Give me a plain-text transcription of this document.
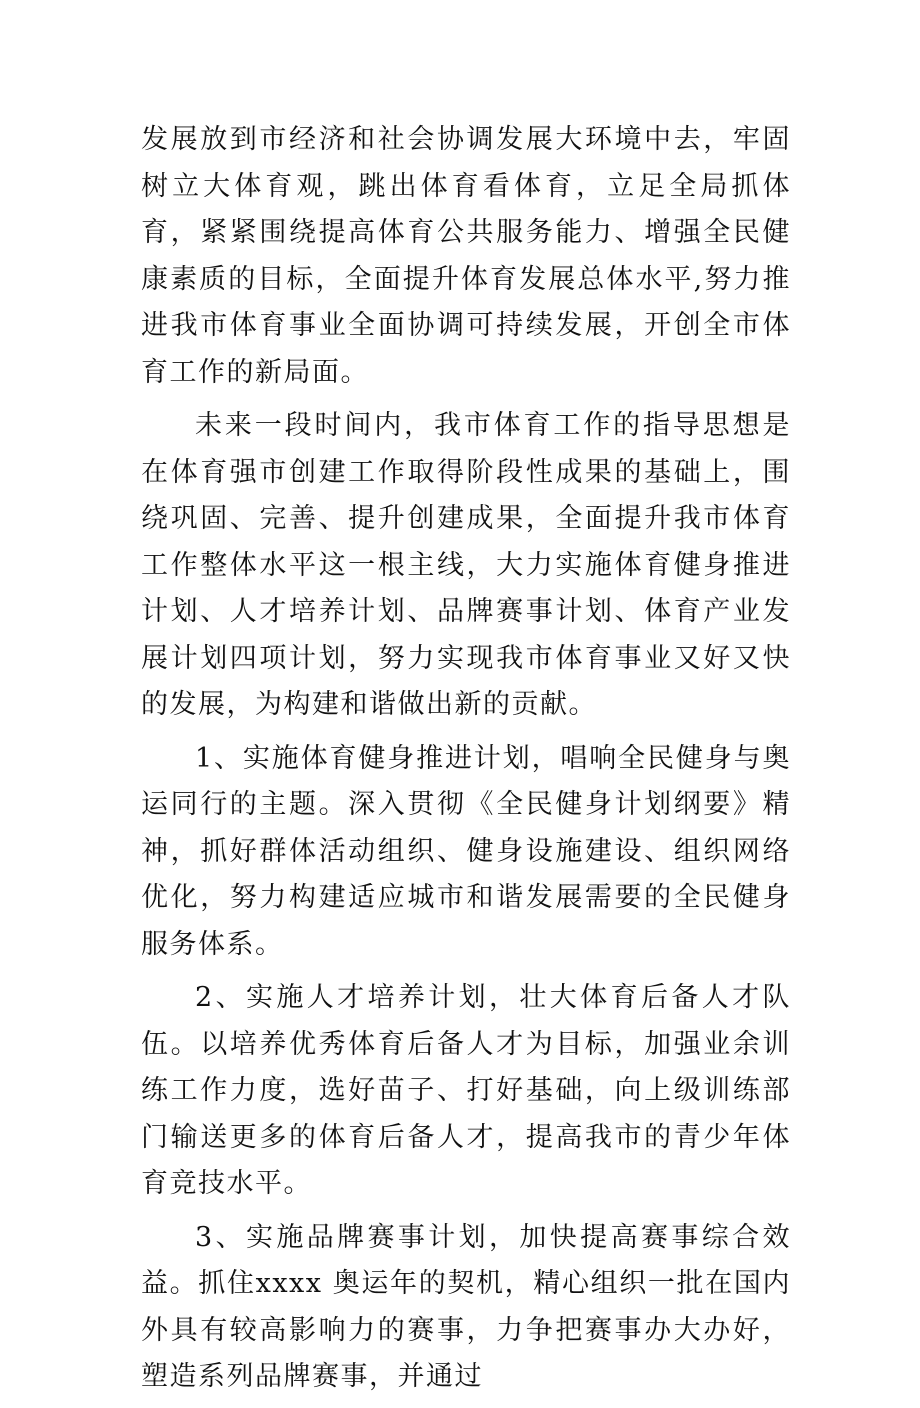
发展放到市经济和社会协调发展大环境中去，牢固树立大体育观，跳出体育看体育，立足全局抓体育，紧紧围绕提高体育公共服务能力、增强全民健康素质的目标，全面提升体育发展总体水平,努力推进我市体育事业全面协调可持续发展，开创全市体育工作的新局面。

未来一段时间内，我市体育工作的指导思想是在体育强市创建工作取得阶段性成果的基础上，围绕巩固、完善、提升创建成果，全面提升我市体育工作整体水平这一根主线，大力实施体育健身推进计划、人才培养计划、品牌赛事计划、体育产业发展计划四项计划，努力实现我市体育事业又好又快的发展，为构建和谐做出新的贡献。

1、实施体育健身推进计划，唱响全民健身与奥运同行的主题。深入贯彻《全民健身计划纲要》精神，抓好群体活动组织、健身设施建设、组织网络优化，努力构建适应城市和谐发展需要的全民健身服务体系。

2、实施人才培养计划，壮大体育后备人才队伍。以培养优秀体育后备人才为目标，加强业余训练工作力度，选好苗子、打好基础，向上级训练部门输送更多的体育后备人才，提高我市的青少年体育竞技水平。

3、实施品牌赛事计划，加快提高赛事综合效益。抓住xxxx 奥运年的契机，精心组织一批在国内外具有较高影响力的赛事，力争把赛事办大办好，塑造系列品牌赛事，并通过
